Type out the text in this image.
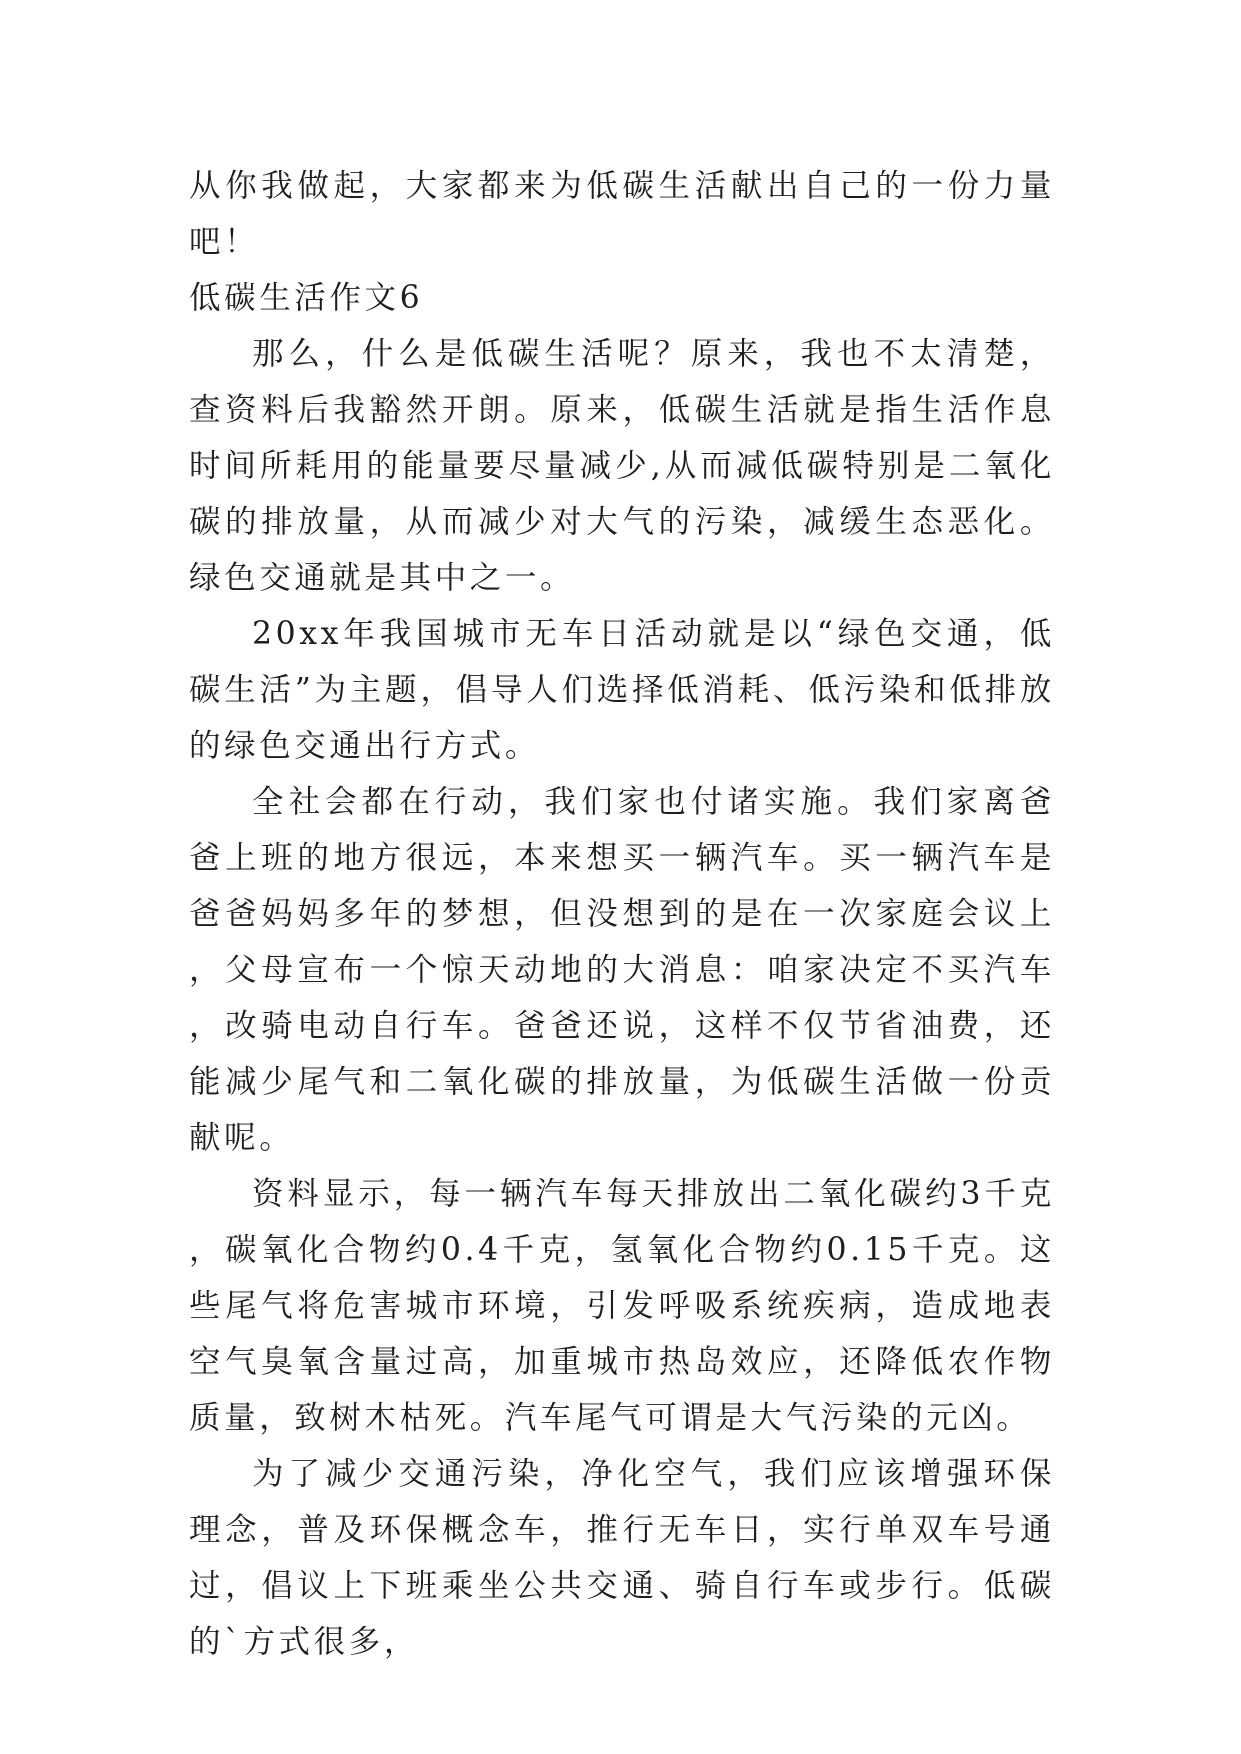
从你我做起，大家都来为低碳生活献出自己的一份力量吧！

低碳生活作文6

那么，什么是低碳生活呢？原来，我也不太清楚，查资料后我豁然开朗。原来，低碳生活就是指生活作息时间所耗用的能量要尽量减少,从而减低碳特别是二氧化碳的排放量，从而减少对大气的污染，减缓生态恶化。绿色交通就是其中之一。

20xx年我国城市无车日活动就是以“绿色交通，低碳生活”为主题，倡导人们选择低消耗、低污染和低排放的绿色交通出行方式。

全社会都在行动，我们家也付诸实施。我们家离爸爸上班的地方很远，本来想买一辆汽车。买一辆汽车是爸爸妈妈多年的梦想，但没想到的是在一次家庭会议上，父母宣布一个惊天动地的大消息：咱家决定不买汽车，改骑电动自行车。爸爸还说，这样不仅节省油费，还能减少尾气和二氧化碳的排放量，为低碳生活做一份贡献呢。

资料显示，每一辆汽车每天排放出二氧化碳约3千克，碳氧化合物约0.4千克，氢氧化合物约0.15千克。这些尾气将危害城市环境，引发呼吸系统疾病，造成地表空气臭氧含量过高，加重城市热岛效应，还降低农作物质量，致树木枯死。汽车尾气可谓是大气污染的元凶。

为了减少交通污染，净化空气，我们应该增强环保理念，普及环保概念车，推行无车日，实行单双车号通过，倡议上下班乘坐公共交通、骑自行车或步行。低碳的`方式很多，
